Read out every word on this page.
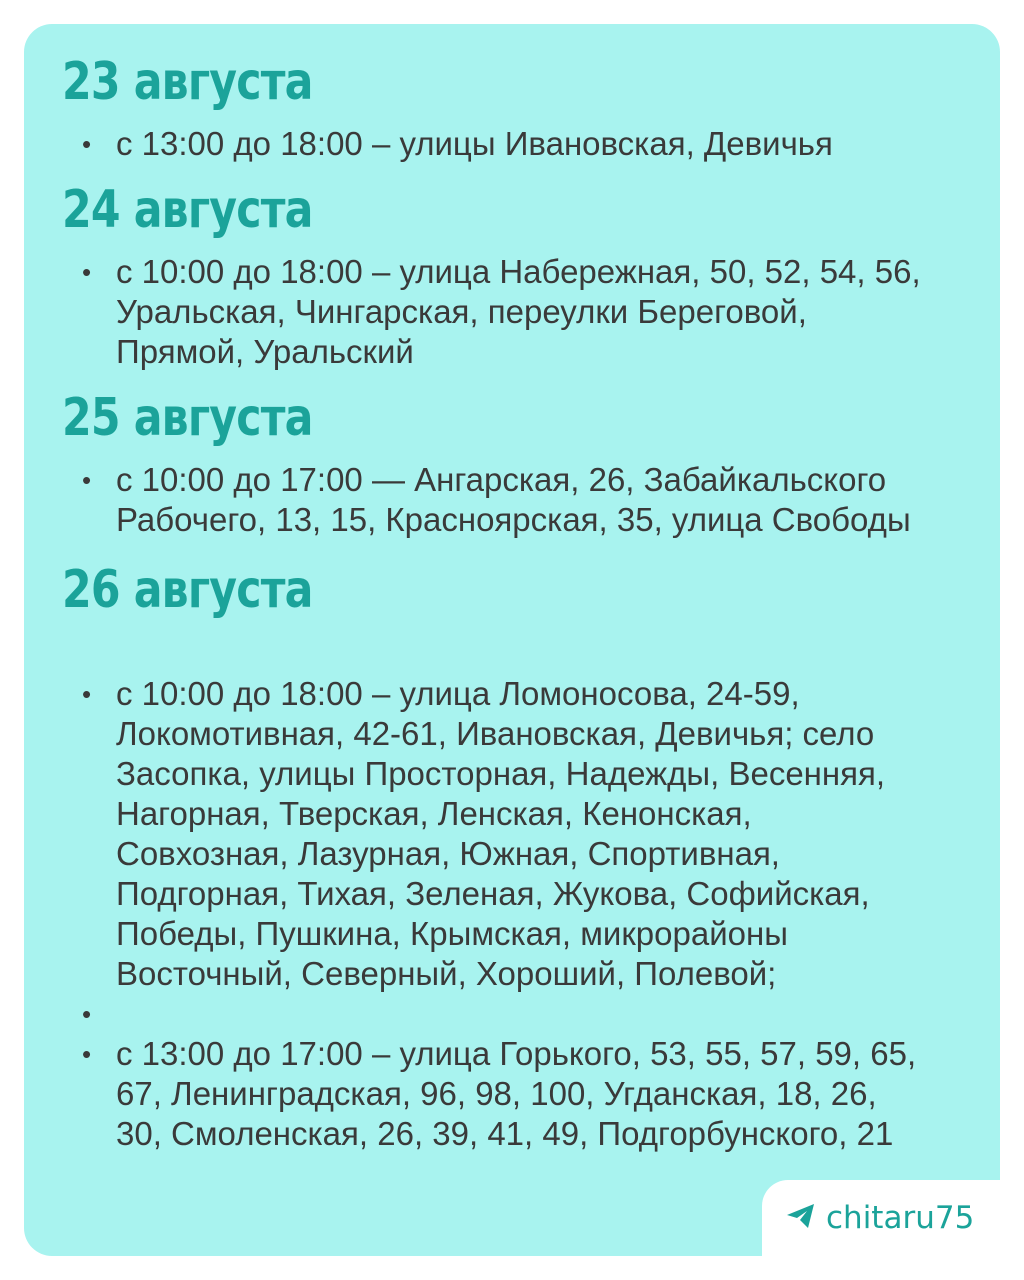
23 августа
• с 13:00 до 18:00 – улицы Ивановская, Девичья
24 августа
• с 10:00 до 18:00 – улица Набережная, 50, 52, 54, 56,
Уральская, Чингарская, переулки Береговой,
Прямой, Уральский
25 августа
• с 10:00 до 17:00 — Ангарская, 26, Забайкальского
Рабочего, 13, 15, Красноярская, 35, улица Свободы
26 августа
• с 10:00 до 18:00 – улица Ломоносова, 24-59,
Локомотивная, 42-61, Ивановская, Девичья; село
Засопка, улицы Просторная, Надежды, Весенняя,
Нагорная, Тверская, Ленская, Кенонская,
Совхозная, Лазурная, Южная, Спортивная,
Подгорная, Тихая, Зеленая, Жукова, Софийская,
Победы, Пушкина, Крымская, микрорайоны
Восточный, Северный, Хороший, Полевой;
•
• с 13:00 до 17:00 – улица Горького, 53, 55, 57, 59, 65,
67, Ленинградская, 96, 98, 100, Угданская, 18, 26,
30, Смоленская, 26, 39, 41, 49, Подгорбунского, 21
chitaru75
